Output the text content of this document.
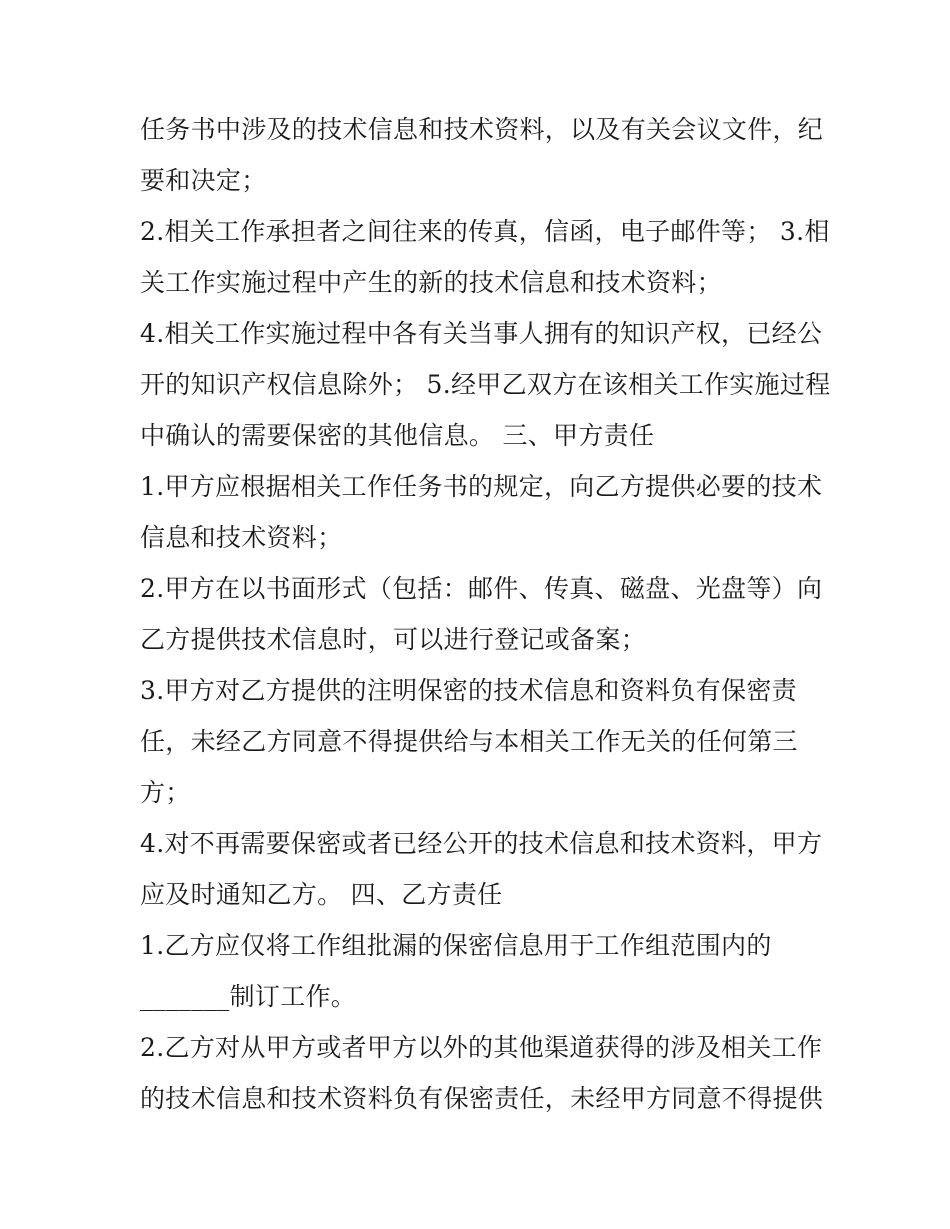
任务书中涉及的技术信息和技术资料，以及有关会议文件，纪
要和决定；
2.相关工作承担者之间往来的传真，信函，电子邮件等； 3.相
关工作实施过程中产生的新的技术信息和技术资料；
4.相关工作实施过程中各有关当事人拥有的知识产权，已经公
开的知识产权信息除外； 5.经甲乙双方在该相关工作实施过程
中确认的需要保密的其他信息。 三、甲方责任
1.甲方应根据相关工作任务书的规定，向乙方提供必要的技术
信息和技术资料；
2.甲方在以书面形式（包括：邮件、传真、磁盘、光盘等）向
乙方提供技术信息时，可以进行登记或备案；
3.甲方对乙方提供的注明保密的技术信息和资料负有保密责
任，未经乙方同意不得提供给与本相关工作无关的任何第三
方；
4.对不再需要保密或者已经公开的技术信息和技术资料，甲方
应及时通知乙方。 四、乙方责任
1.乙方应仅将工作组批漏的保密信息用于工作组范围内的
_______制订工作。
2.乙方对从甲方或者甲方以外的其他渠道获得的涉及相关工作
的技术信息和技术资料负有保密责任，未经甲方同意不得提供
